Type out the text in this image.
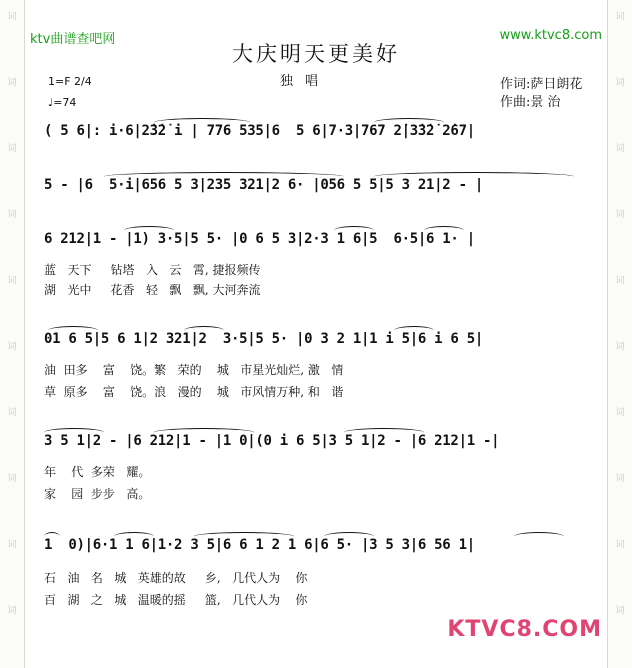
词
词
词
词
词
词
词
词
词
词
词
词
词
词
词
词
词
词
词
词
ktv曲谱查吧网	www.ktvc8.com
大庆明天更美好
独唱	作词:萨日朗花
作曲:景 治
1=F 2/4
♩=74
( 5 6|: i·6|2̇3̇2̇ i | 776 535|6  5 6|7·3|767 2̇|3̇3̇2̇ 2̇67|
5 - |6  5·i|656 5 3|235 321|2 6· |056 5 5|5 3 21|2 - |
6 212|1 - |1) 3·5|5 5· |0 6 5 3|2·3 1 6|5  6·5|6 1· |
蓝   天下     钻塔   入   云   霄, 捷报频传
湖   光中     花香   轻   飘   飘, 大河奔流
01 6 5|5 6 1|2 321|2  3·5|5 5· |0 3 2 1|1 i 5|6 i 6 5|
油  田多    富    饶。繁   荣的    城   市星光灿烂, 激   情
草  原多    富    饶。浪   漫的    城   市风情万种, 和   谐
3 5 1|2 - |6 212|1 - |1 0|(0 i 6 5|3 5 1|2 - |6 212|1 -|
年    代  多荣   耀。
家    园  步步   高。
1  0)|6·1 1 6|1·2 3 5|6 6 1 2 1 6|6 5· |3 5 3|6 56 1|
石   油   名   城   英雄的故     乡,   几代人为    你
百   湖   之   城   温暖的摇     篮,   几代人为    你
KTVC8.COM
